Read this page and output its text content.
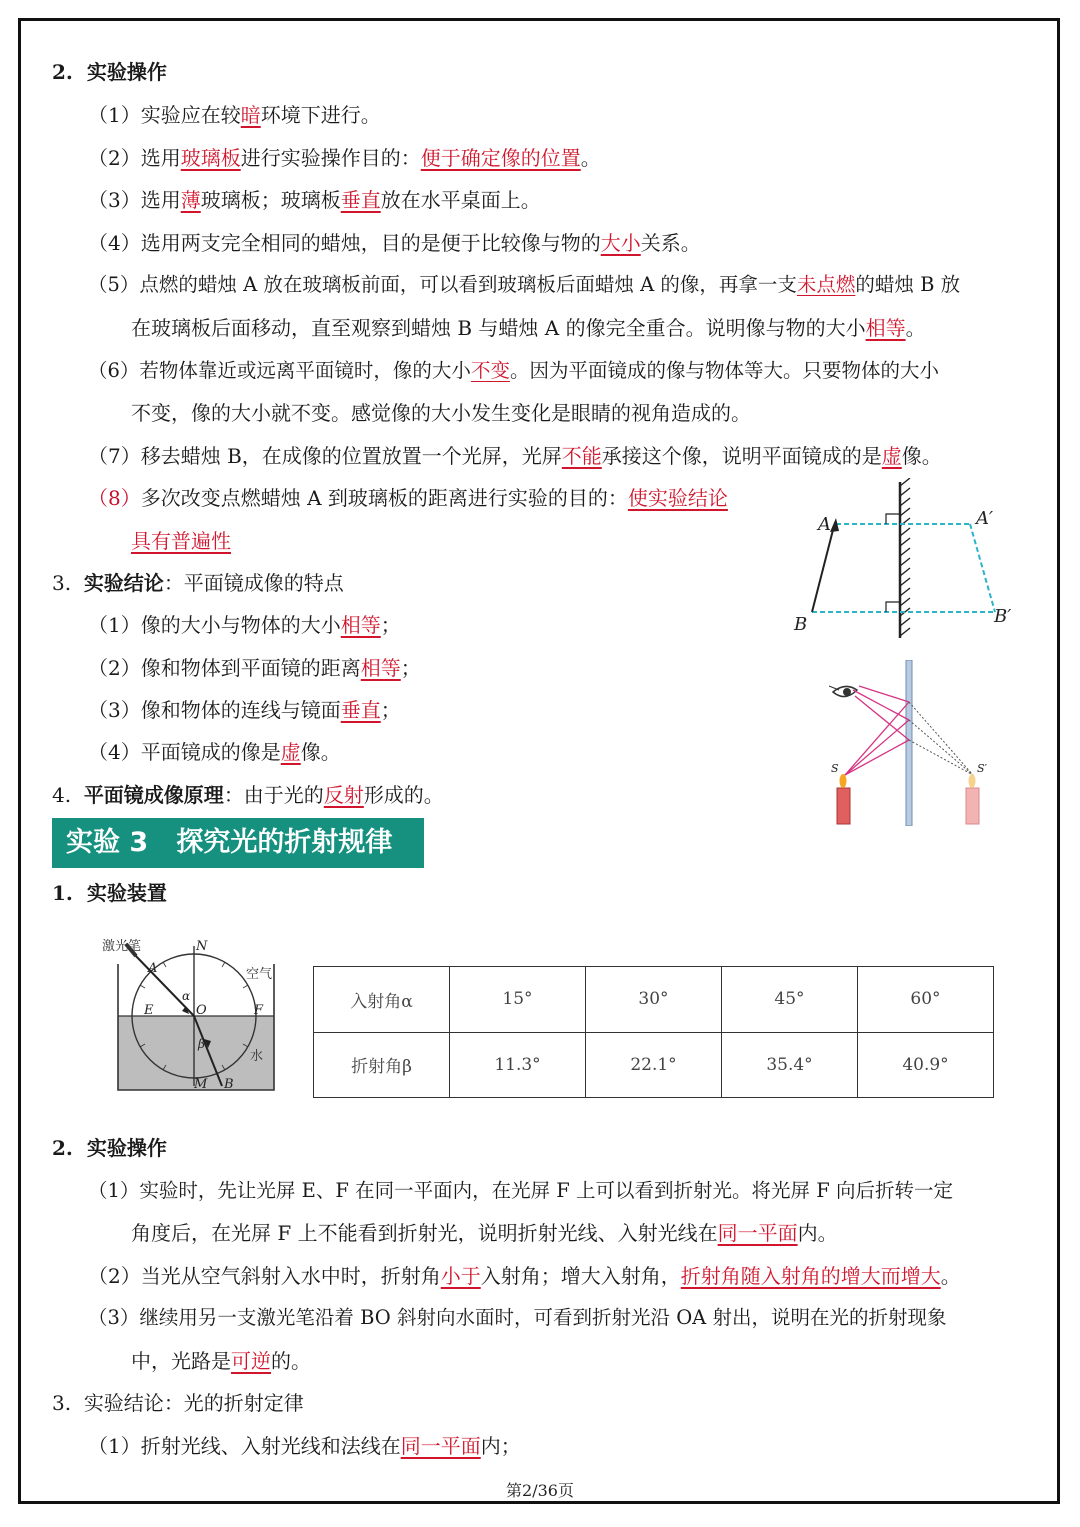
2. 实验操作
（1）实验应在较暗环境下进行。
（2）选用玻璃板进行实验操作目的：便于确定像的位置。
（3）选用薄玻璃板；玻璃板垂直放在水平桌面上。
（4）选用两支完全相同的蜡烛，目的是便于比较像与物的大小关系。
（5）点燃的蜡烛 A 放在玻璃板前面，可以看到玻璃板后面蜡烛 A 的像，再拿一支未点燃的蜡烛 B 放
在玻璃板后面移动，直至观察到蜡烛 B 与蜡烛 A 的像完全重合。说明像与物的大小相等。
（6）若物体靠近或远离平面镜时，像的大小不变。因为平面镜成的像与物体等大。只要物体的大小
不变，像的大小就不变。感觉像的大小发生变化是眼睛的视角造成的。
（7）移去蜡烛 B，在成像的位置放置一个光屏，光屏不能承接这个像，说明平面镜成的是虚像。
（8）多次改变点燃蜡烛 A 到玻璃板的距离进行实验的目的：使实验结论
具有普遍性
3. 实验结论：平面镜成像的特点
（1）像的大小与物体的大小相等；
（2）像和物体到平面镜的距离相等；
（3）像和物体的连线与镜面垂直；
（4）平面镜成的像是虚像。
4. 平面镜成像原理：由于光的反射形成的。
A	A′
B	B′
S	S′
实验 3 探究光的折射规律
1. 实验装置
激光笔
空气
水
N
A
E	O	F
α
β
M B
入射角α	15°	30°	45°	60°
折射角β	11.3°	22.1°	35.4°	40.9°
2. 实验操作
（1）实验时，先让光屏 E、F 在同一平面内，在光屏 F 上可以看到折射光。将光屏 F 向后折转一定
角度后，在光屏 F 上不能看到折射光，说明折射光线、入射光线在同一平面内。
（2）当光从空气斜射入水中时，折射角小于入射角；增大入射角，折射角随入射角的增大而增大。
（3）继续用另一支激光笔沿着 BO 斜射向水面时，可看到折射光沿 OA 射出，说明在光的折射现象
中，光路是可逆的。
3. 实验结论：光的折射定律
（1）折射光线、入射光线和法线在同一平面内；
第2/36页
